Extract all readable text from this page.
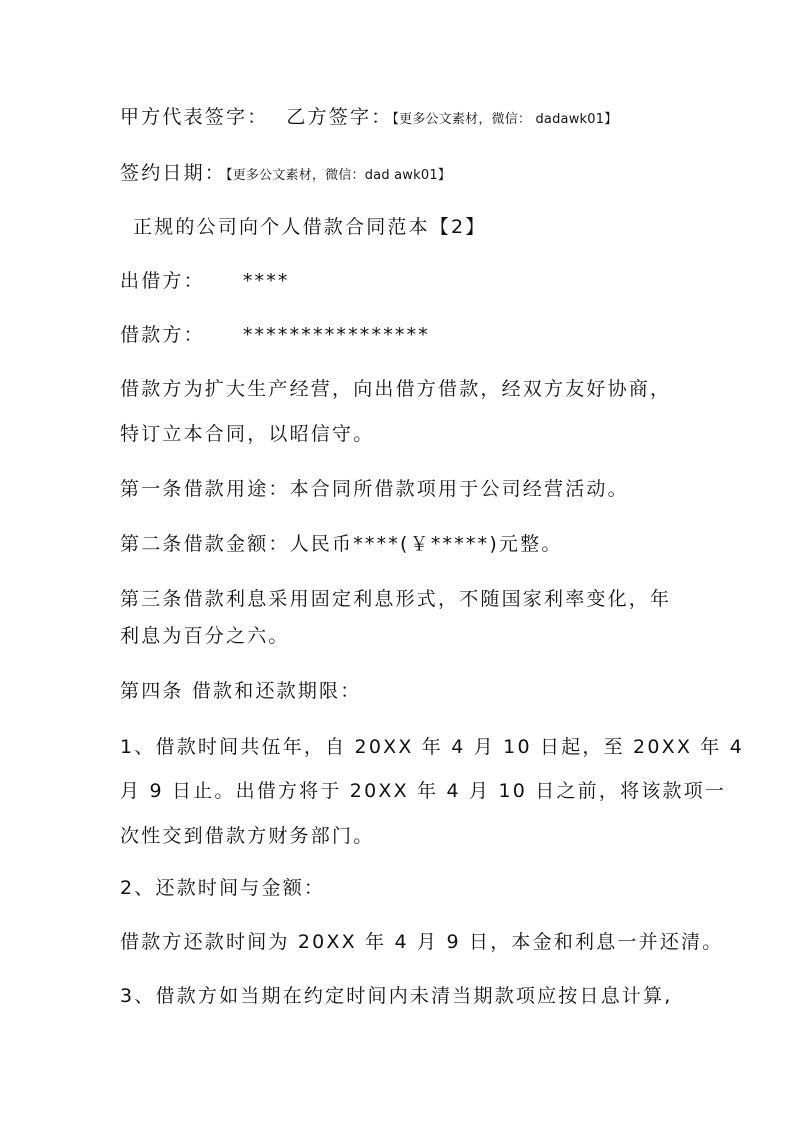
甲方代表签字： 乙方签字：【更多公文素材，微信： dadawk01】
签约日期：【更多公文素材，微信：dad awk01】
正规的公司向个人借款合同范本【2】
出借方： ****
借款方： ****************
借款方为扩大生产经营，向出借方借款，经双方友好协商，
特订立本合同，以昭信守。
第一条借款用途：本合同所借款项用于公司经营活动。
第二条借款金额：人民币****(￥*****)元整。
第三条借款利息采用固定利息形式，不随国家利率变化，年
利息为百分之六。
第四条 借款和还款期限：
1、借款时间共伍年，自 20XX 年 4 月 10 日起，至 20XX 年 4
月 9 日止。出借方将于 20XX 年 4 月 10 日之前，将该款项一
次性交到借款方财务部门。
2、还款时间与金额：
借款方还款时间为 20XX 年 4 月 9 日，本金和利息一并还清。
3、借款方如当期在约定时间内未清当期款项应按日息计算,
